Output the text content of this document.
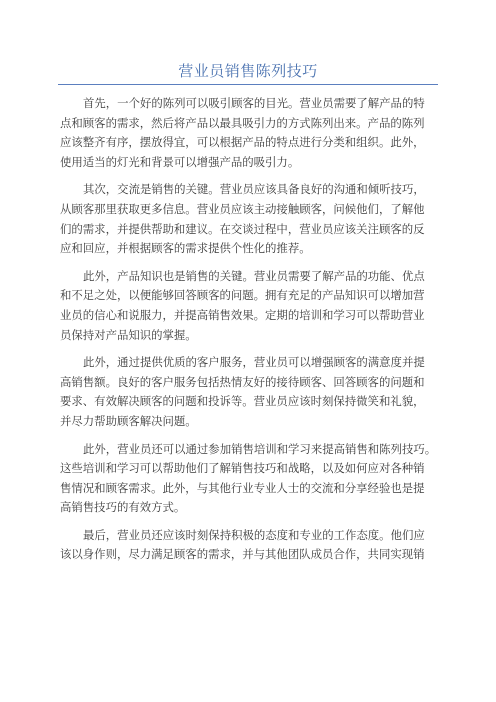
营业员销售陈列技巧

首先，一个好的陈列可以吸引顾客的目光。营业员需要了解产品的特
点和顾客的需求，然后将产品以最具吸引力的方式陈列出来。产品的陈列
应该整齐有序，摆放得宜，可以根据产品的特点进行分类和组织。此外，
使用适当的灯光和背景可以增强产品的吸引力。

其次，交流是销售的关键。营业员应该具备良好的沟通和倾听技巧，
从顾客那里获取更多信息。营业员应该主动接触顾客，问候他们，了解他
们的需求，并提供帮助和建议。在交谈过程中，营业员应该关注顾客的反
应和回应，并根据顾客的需求提供个性化的推荐。

此外，产品知识也是销售的关键。营业员需要了解产品的功能、优点
和不足之处，以便能够回答顾客的问题。拥有充足的产品知识可以增加营
业员的信心和说服力，并提高销售效果。定期的培训和学习可以帮助营业
员保持对产品知识的掌握。

此外，通过提供优质的客户服务，营业员可以增强顾客的满意度并提
高销售额。良好的客户服务包括热情友好的接待顾客、回答顾客的问题和
要求、有效解决顾客的问题和投诉等。营业员应该时刻保持微笑和礼貌，
并尽力帮助顾客解决问题。

此外，营业员还可以通过参加销售培训和学习来提高销售和陈列技巧。
这些培训和学习可以帮助他们了解销售技巧和战略，以及如何应对各种销
售情况和顾客需求。此外，与其他行业专业人士的交流和分享经验也是提
高销售技巧的有效方式。

最后，营业员还应该时刻保持积极的态度和专业的工作态度。他们应
该以身作则，尽力满足顾客的需求，并与其他团队成员合作，共同实现销
